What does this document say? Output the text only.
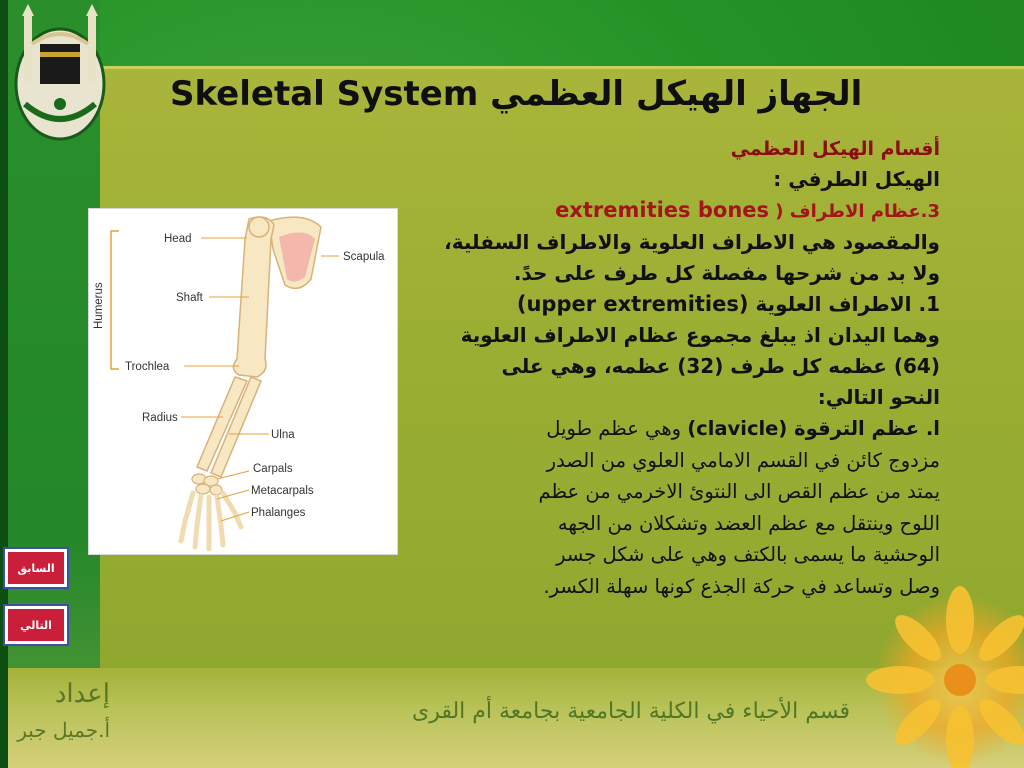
Skeletal System الجهاز الهيكل العظمي
Humerus
Head
Scapula
Shaft
Trochlea
Radius
Ulna
Carpals
Metacarpals
Phalanges
أقسام الهيكل العظمي
الهيكل الطرفي :
3.عظام الاطراف ( extremities bones
والمقصود هي الاطراف العلوية والاطراف السفلية،
ولا بد من شرحها مفصلة كل طرف على حدً.
1. الاطراف العلوية (upper extremities)
وهما اليدان اذ يبلغ مجموع عظام الاطراف العلوية
(64) عظمه كل طرف (32) عظمه، وهي على
النحو التالي:
ا. عظم الترقوة (clavicle) وهي عظم طويل
مزدوج كائن في القسم الامامي العلوي من الصدر
يمتد من عظم القص الى النتوئ الاخرمي من عظم
اللوح وينتقل مع عظم العضد وتشكلان من الجهه
الوحشية ما يسمى بالكتف وهي على شكل جسر
وصل وتساعد في حركة الجذع كونها سهلة الكسر.
السابق
التالي
إعداد
أ.جميل جبر
قسم الأحياء في الكلية الجامعية بجامعة أم القرى
